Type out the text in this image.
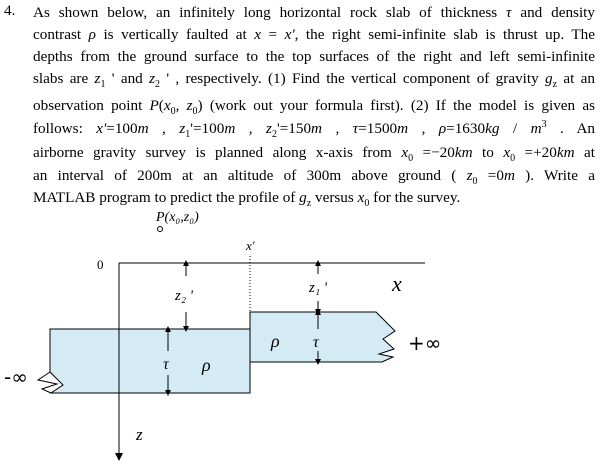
4. As shown below, an infinitely long horizontal rock slab of thickness τ and density
contrast ρ is vertically faulted at x = x', the right semi-infinite slab is thrust up. The
depths from the ground surface to the top surfaces of the right and left semi-infinite
slabs are $z_1$ ' and $z_2$ ' , respectively. (1) Find the vertical component of gravity $g_z$ at an
observation point $P(x_0$, $z_0$) (work out your formula first). (2) If the model is given as
follows: x'=100m , $z_1'=100m$ , $z_2'=150m$ , τ=1500m , $\rho=1630kg / m^3$ . An
airborne gravity survey is planned along x-axis from $x_0 =-20km$ to $x_0 =+20km$ at
an interval of 200m at an altitude of 300m above ground ( $z_0 =0m$ ). Write a
MATLAB program to predict the profile of $g_z$ versus $x_0$ for the survey.
P(x₀,z₀)
x'
0
x
z
z₂ '	z₁ '
τ ρ
ρ τ
-∞
+∞
